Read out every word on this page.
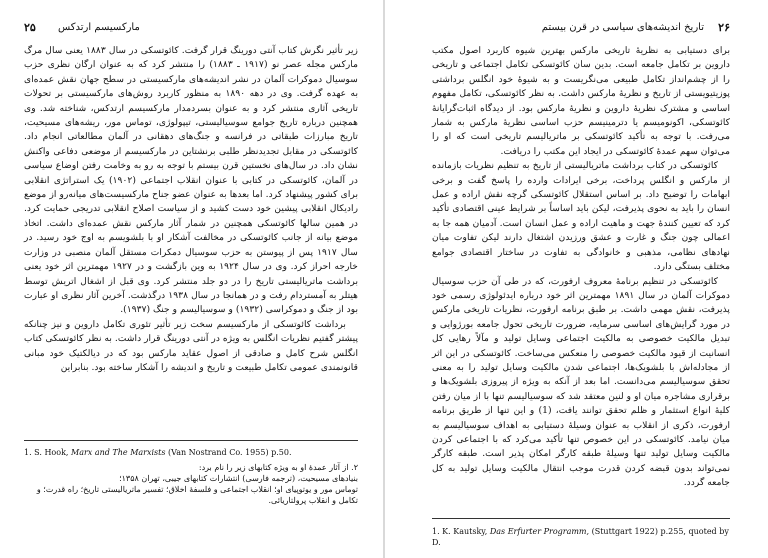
۲۵ مارکسیسم ارتدکس

زیر تأثیر نگرش کتاب آنتی دورینگ قرار گرفت. کائوتسکی در سال ۱۸۸۳ یعنی سال مرگ مارکس مجله عصر نو (۱۹۱۷ ـ ۱۸۸۳) را منتشر کرد که به عنوان ارگان نظری حزب سوسیال دموکرات آلمان در نشر اندیشه‌های مارکسیستی در سطح جهان نقش عمده‌ای به عهده گرفت. وی در دهه ۱۸۹۰ به منظور کاربرد روش‌های مارکسیستی بر تحولات تاریخی آثاری منتشر کرد و به عنوان بسردمدار مارکسیسم ارتدکس، شناخته شد. وی همچنین درباره تاریخ جوامع سوسیالیستی، تیپولوژی، توماس مور، ریشه‌های مسیحیت، تاریخ مبارزات طبقاتی در فرانسه و جنگ‌های دهقانی در آلمان مطالعاتی انجام داد. کائوتسکی در مقابل تجدیدنظر طلبی برنشتاین در مارکسیسم از موضعی دفاعی واکنش نشان داد. در سال‌های نخستین قرن بیستم با توجه به رو به وخامت رفتن اوضاع سیاسی در آلمان، کائوتسکی در کتابی با عنوان انقلاب اجتماعی (۱۹۰۲) یک استراتژی انقلابی برای کشور پیشنهاد کرد. اما بعدها به عنوان عضو جناح مارکسیست‌های میانه‌رو از موضع رادیکال انقلابی پیشین خود دست کشید و از سیاست اصلاح انقلابی تدریجی حمایت کرد. در همین سالها کائوتسکی همچنین در شمار آثار مارکس نقش عمده‌ای داشت. اتخاذ موضع بیانه از جانب کائوتسکی در مخالفت آشکار او با بلشویسم به اوج خود رسید. در سال ۱۹۱۷ پس از پیوستن به حزب سوسیال دمکرات مستقل آلمان منصبی در وزارت خارجه احراز کرد. وی در سال ۱۹۲۴ به وین بازگشت و در ۱۹۲۷ مهمترین اثر خود یعنی برداشت ماتریالیستی تاریخ را در دو جلد منتشر کرد. وی قبل از اشغال اتریش توسط هیتلر به آمستردام رفت و در همانجا در سال ۱۹۳۸ درگذشت. آخرین آثار نظری او عبارت بود از جنگ و دموکراسی (۱۹۳۲) و سوسیالیسم و جنگ (۱۹۳۷).

برداشت کائوتسکی از مارکسیسم سخت زیر تأثیر تئوری تکامل داروین و نیز چنانکه پیشتر گفتیم نظریات انگلس به ویژه در آنتی دورینگ قرار داشت. به نظر کائوتسکی کتاب انگلس شرح کامل و صادقی از اصول عقاید مارکس بود که در دیالکتیک خود مبانی قانونمندی عمومی تکامل طبیعت و تاریخ و اندیشه را آشکار ساخته بود. بنابراین

1. S. Hook, Marx and The Marxists (Van Nostrand Co. 1955) p.50.

۲. از آثار عمدهٔ او به ویژه کتابهای زیر را نام برد:

بنیادهای مسیحیت، (ترجمه فارسی) انتشارات کتابهای جیبی، تهران ۱۳۵۸؛

توماس مور و یوتوپیای او؛ انقلاب اجتماعی و فلسفهٔ اخلاق؛ تفسیر ماتریالیستی تاریخ؛ راه قدرت؛ و تکامل و انقلاب پرولتاریائی.

۲۶
تاریخ اندیشه‌های سیاسی در قرن بیستم

برای دستیابی به نظریهٔ تاریخی مارکس بهترین شیوه کاربرد اصول مکتب داروین بر تکامل جامعه است. بدین سان کائوتسکی تکامل اجتماعی و تاریخی را از چشم‌انداز تکامل طبیعی می‌نگریست و به شیوهٔ خود انگلس برداشتی پوزیتیویستی از تاریخ و نظریهٔ مارکس داشت. به نظر کائوتسکی، تکامل مفهوم اساسی و مشترک نظریهٔ داروین و نظریهٔ مارکس بود. از دیدگاه اثبات‌گرایانهٔ کائوتسکی، اکونومیسم یا دترمینیسم حزب اساسی نظریهٔ مارکس به شمار می‌رفت. با توجه به تأکید کائوتسکی بر ماتریالیسم تاریخی است که او را می‌توان سهم عمدهٔ کائوتسکی در ایجاد این مکتب را دریافت.

کائوتسکی در کتاب برداشت ماتریالیستی از تاریخ به تنظیم نظریات بازمانده از مارکس و انگلس پرداخت، برخی ایرادات وارده را پاسخ گفت و برخی ابهامات را توضیح داد. بر اساس استقلال کائوتسکی گرچه نقش اراده و عمل انسان را باید به نحوی پذیرفت، لیکن باید اساساً بر شرایط عینی اقتصادی تأکید کرد که تعیین کنندهٔ جهت و ماهیت اراده و عمل انسان است. آدمیان همه جا به اعمالی چون جنگ و غارت و عشق ورزیدن اشتغال دارند لیکن تفاوت میان نهادهای نظامی، مذهبی و خانوادگی به تفاوت در ساختار اقتصادی جوامع مختلف بستگی دارد.

کائوتسکی در تنظیم برنامهٔ معروف ارفورت، که در طی آن حزب سوسیال دموکرات آلمان در سال ۱۸۹۱ مهمترین اثر خود درباره ایدئولوژی رسمی خود پذیرفت، نقش مهمی داشت. بر طبق برنامه ارفورت، نظریات تاریخی مارکس در مورد گرایش‌های اساسی سرمایه، ضرورت تاریخی تحول جامعه بورژوایی و تبدیل مالکیت خصوصی به مالکیت اجتماعی وسایل تولید و مآلاً رهایی کل انسانیت از قیود مالکیت خصوصی را منعکس می‌ساخت. کائوتسکی در این اثر از مجادله‌اش با بلشویک‌ها، اجتماعی شدن مالکیت وسایل تولید را به معنی تحقق سوسیالیسم می‌دانست. اما بعد از آنکه به ویژه از پیروزی بلشویک‌ها و برقراری مشاجره میان او و لنین معتقد شد که سوسیالیسم تنها با از میان رفتن کلیهٔ انواع استثمار و ظلم تحقق توانند یافت، (1) و این تنها از طریق برنامه ارفورت، ذکری از انقلاب به عنوان وسیلهٔ دستیابی به اهداف سوسیالیسم به میان نیامد. کائوتسکی در این خصوص تنها تأکید می‌کرد که با اجتماعی کردن مالکیت وسایل تولید تنها وسیلهٔ طبقه کارگر امکان پذیر است. طبقه کارگر نمی‌تواند بدون قبضه کردن قدرت موجب انتقال مالکیت وسایل تولید به کل جامعه گردد.

1. K. Kautsky, Das Erfurter Programm, (Stuttgart 1922) p.255, quoted by D.
